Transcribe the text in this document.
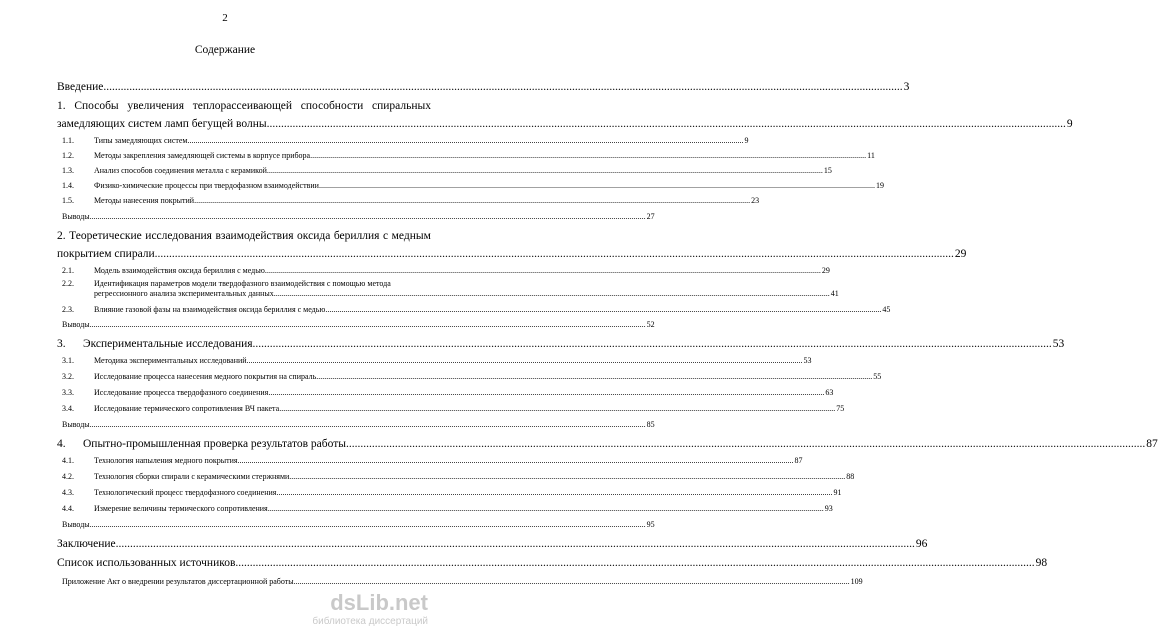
2
Содержание
Введение .....	3
1. Способы увеличения теплорассеивающей способности спиральных
замедляющих систем ламп бегущей волны .....	9
1.1.	Типы замедляющих систем .....	9
1.2.	Методы закрепления замедляющей системы в корпусе прибора .....	11
1.3.	Анализ способов соединения металла с керамикой .....	15
1.4.	Физико-химические процессы при твердофазном взаимодействии .....	19
1.5.	Методы нанесения покрытий .....	23
Выводы .....	27
2. Теоретические исследования взаимодействия оксида бериллия с медным
покрытием спирали .....	29
2.1.	Модель взаимодействия оксида бериллия с медью .....	29
2.2.	Идентификация параметров модели твердофазного взаимодействия с помощью метода
регрессионного анализа экспериментальных данных .....	41
2.3.	Влияние газовой фазы на взаимодействия оксида бериллия с медью .....	45
Выводы .....	52
3.	Экспериментальные исследования .....	53
3.1.	Методика экспериментальных исследований .....	53
3.2.	Исследование процесса нанесения медного покрытия на спираль .....	55
3.3.	Исследование процесса твердофазного соединения .....	63
3.4.	Исследование термического сопротивления ВЧ пакета .....	75
Выводы .....	85
4.	Опытно-промышленная проверка результатов работы .....	87
4.1.	Технология напыления медного покрытия .....	87
4.2.	Технология сборки спирали с керамическими стержнями .....	88
4.3.	Технологический процесс твердофазного соединения .....	91
4.4.	Измерение величины термического сопротивления .....	93
Выводы .....	95
Заключение .....	96
Список использованных источников .....	98
Приложение Акт о внедрении результатов диссертационной работы .....	109
dsLib.net
библиотека диссертаций
